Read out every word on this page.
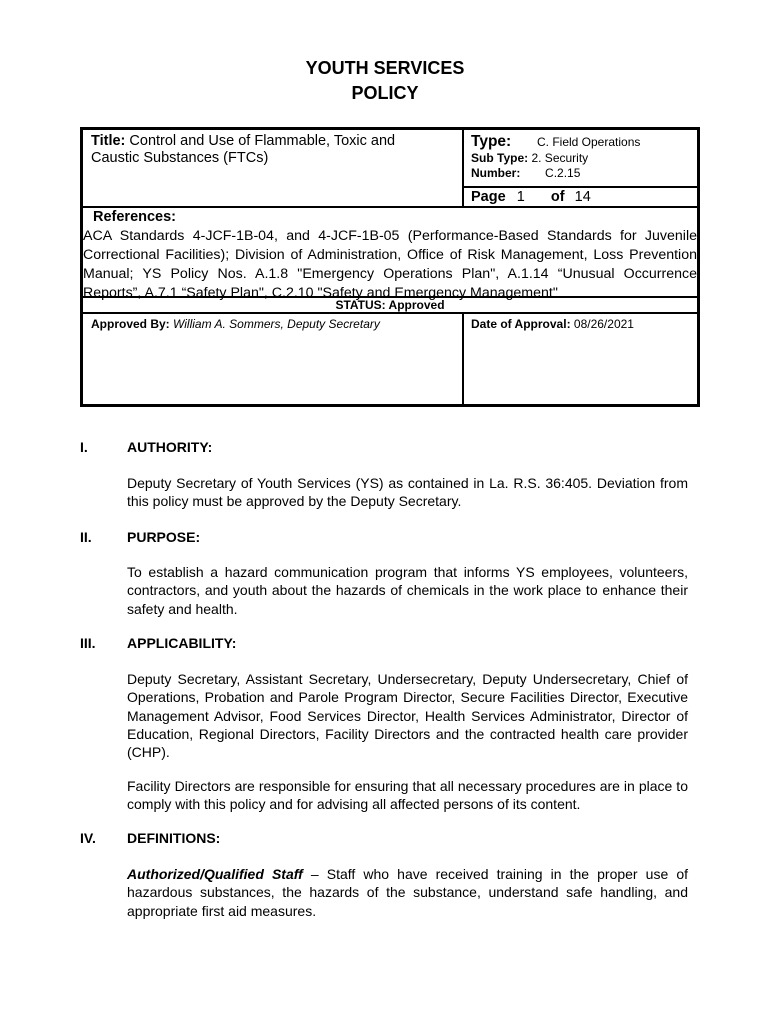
YOUTH SERVICES
POLICY
Title: Control and Use of Flammable, Toxic and
Caustic Substances (FTCs)
Type: C. Field Operations
Sub Type: 2. Security
Number: C.2.15
Page 1 of 14
References:
ACA Standards 4-JCF-1B-04, and 4-JCF-1B-05 (Performance-Based Standards for Juvenile Correctional Facilities); Division of Administration, Office of Risk Management, Loss Prevention Manual; YS Policy Nos. A.1.8 "Emergency Operations Plan", A.1.14 “Unusual Occurrence Reports”, A.7.1 “Safety Plan", C.2.10 "Safety and Emergency Management"
STATUS: Approved
Approved By: William A. Sommers, Deputy Secretary	Date of Approval: 08/26/2021
I.	AUTHORITY:
Deputy Secretary of Youth Services (YS) as contained in La. R.S. 36:405. Deviation from this policy must be approved by the Deputy Secretary.
II.	PURPOSE:
To establish a hazard communication program that informs YS employees, volunteers, contractors, and youth about the hazards of chemicals in the work place to enhance their safety and health.
III. APPLICABILITY:
Deputy Secretary, Assistant Secretary, Undersecretary, Deputy Undersecretary, Chief of Operations, Probation and Parole Program Director, Secure Facilities Director, Executive Management Advisor, Food Services Director, Health Services Administrator, Director of Education, Regional Directors, Facility Directors and the contracted health care provider (CHP).
Facility Directors are responsible for ensuring that all necessary procedures are in place to comply with this policy and for advising all affected persons of its content.
IV. DEFINITIONS:
Authorized/Qualified Staff – Staff who have received training in the proper use of hazardous substances, the hazards of the substance, understand safe handling, and appropriate first aid measures.
